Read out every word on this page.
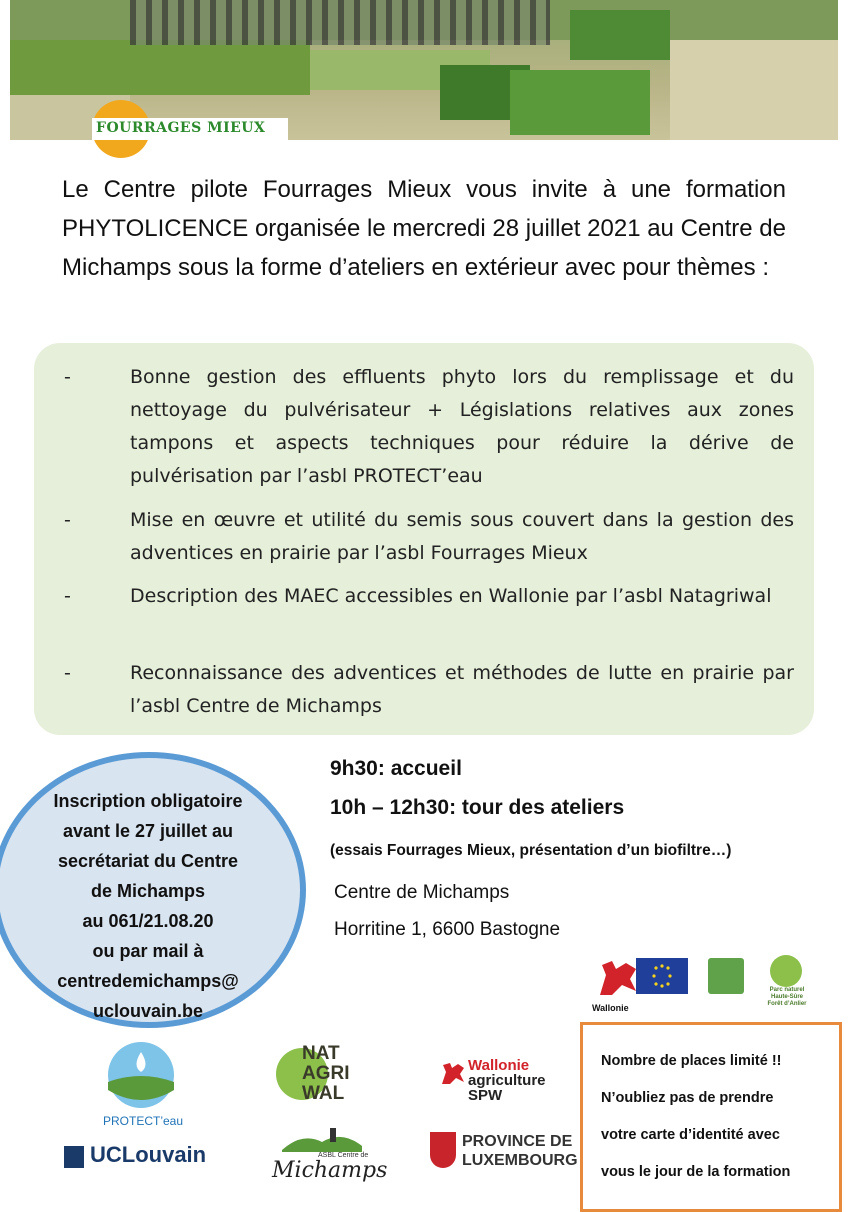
FOURRAGES MIEUX
Le Centre pilote Fourrages Mieux vous invite à une formation PHYTOLICENCE organisée le mercredi 28 juillet 2021 au Centre de Michamps sous la forme d’ateliers en extérieur avec pour thèmes :
-	Bonne gestion des effluents phyto lors du remplissage et du nettoyage du pulvérisateur + Législations relatives aux zones tampons et aspects techniques pour réduire la dérive de pulvérisation par l’asbl PROTECT’eau
-	Mise en œuvre et utilité du semis sous couvert dans la gestion des adventices en prairie par l’asbl Fourrages Mieux
-	Description des MAEC accessibles en Wallonie par l’asbl Natagriwal
-	Reconnaissance des adventices et méthodes de lutte en prairie par l’asbl Centre de Michamps
Inscription obligatoire
avant le 27 juillet au
secrétariat du Centre
de Michamps
au 061/21.08.20
ou par mail à
centredemichamps@
uclouvain.be
9h30: accueil
10h – 12h30: tour des ateliers
(essais Fourrages Mieux, présentation d’un biofiltre…)
Centre de Michamps
Horritine 1, 6600 Bastogne
Wallonie
Parc naturel
Haute-Sûre
Forêt d’Anlier
Nombre de places limité !!
N’oubliez pas de prendre
votre carte d’identité avec
vous le jour de la formation
PROTECT’eau
UCLouvain
NAT
AGRI
WAL
ASBL Centre de
Michamps
Wallonie
agriculture
SPW
PROVINCE DE
LUXEMBOURG
